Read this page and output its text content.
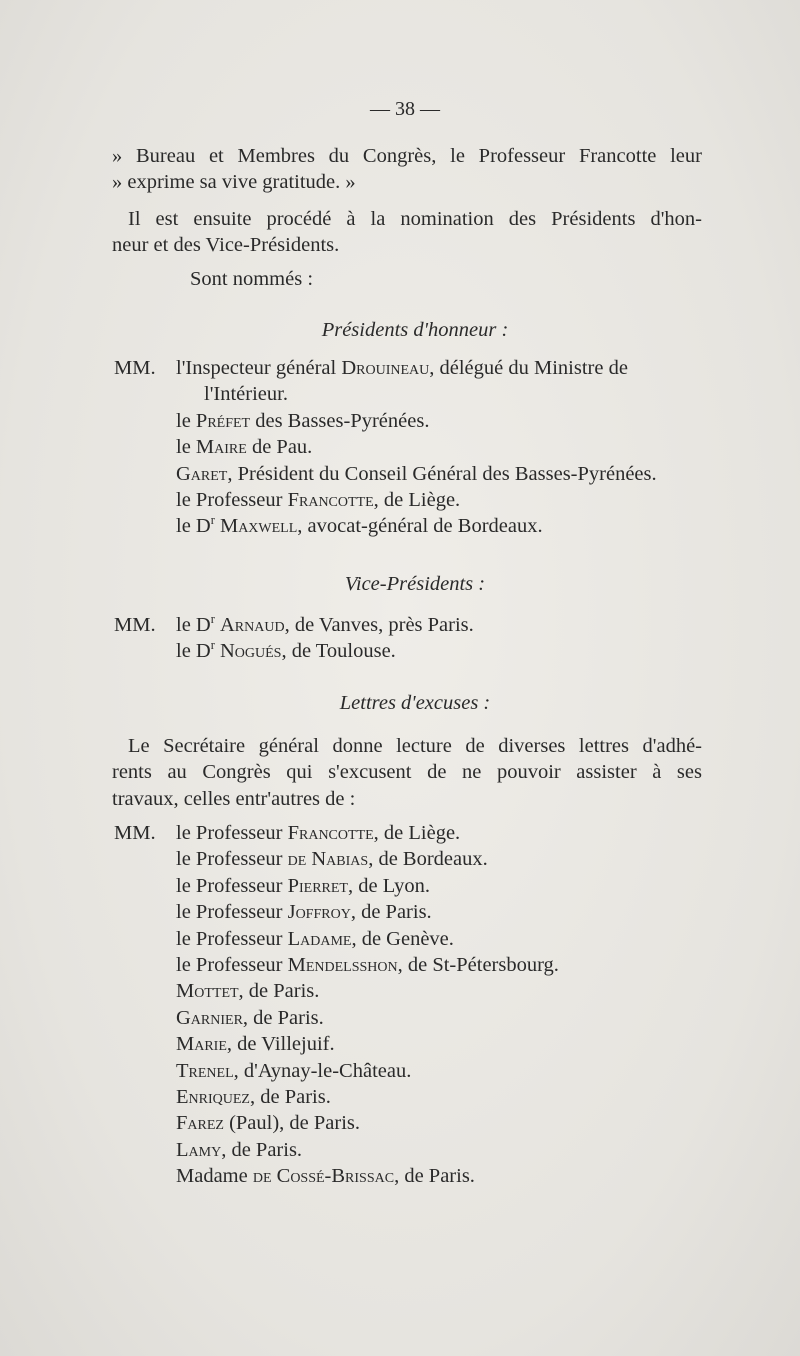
— 38 —
» Bureau et Membres du Congrès, le Professeur Francotte leur
» exprime sa vive gratitude. »
Il est ensuite procédé à la nomination des Présidents d'hon-
neur et des Vice-Présidents.
Sont nommés :
Présidents d'honneur :
MM. l'Inspecteur général Drouineau, délégué du Ministre de
l'Intérieur.
le Préfet des Basses-Pyrénées.
le Maire de Pau.
Garet, Président du Conseil Général des Basses-Pyrénées.
le Professeur Francotte, de Liège.
le $D^r$ Maxwell, avocat-général de Bordeaux.
Vice-Présidents :
MM. le $D^r$ Arnaud, de Vanves, près Paris.
le $D^r$ Nogués, de Toulouse.
Lettres d'excuses :
Le Secrétaire général donne lecture de diverses lettres d'adhé-
rents au Congrès qui s'excusent de ne pouvoir assister à ses
travaux, celles entr'autres de :
MM. le Professeur Francotte, de Liège.
le Professeur de Nabias, de Bordeaux.
le Professeur Pierret, de Lyon.
le Professeur Joffroy, de Paris.
le Professeur Ladame, de Genève.
le Professeur Mendelsshon, de St-Pétersbourg.
Mottet, de Paris.
Garnier, de Paris.
Marie, de Villejuif.
Trenel, d'Aynay-le-Château.
Enriquez, de Paris.
Farez (Paul), de Paris.
Lamy, de Paris.
Madame de Cossé-Brissac, de Paris.
